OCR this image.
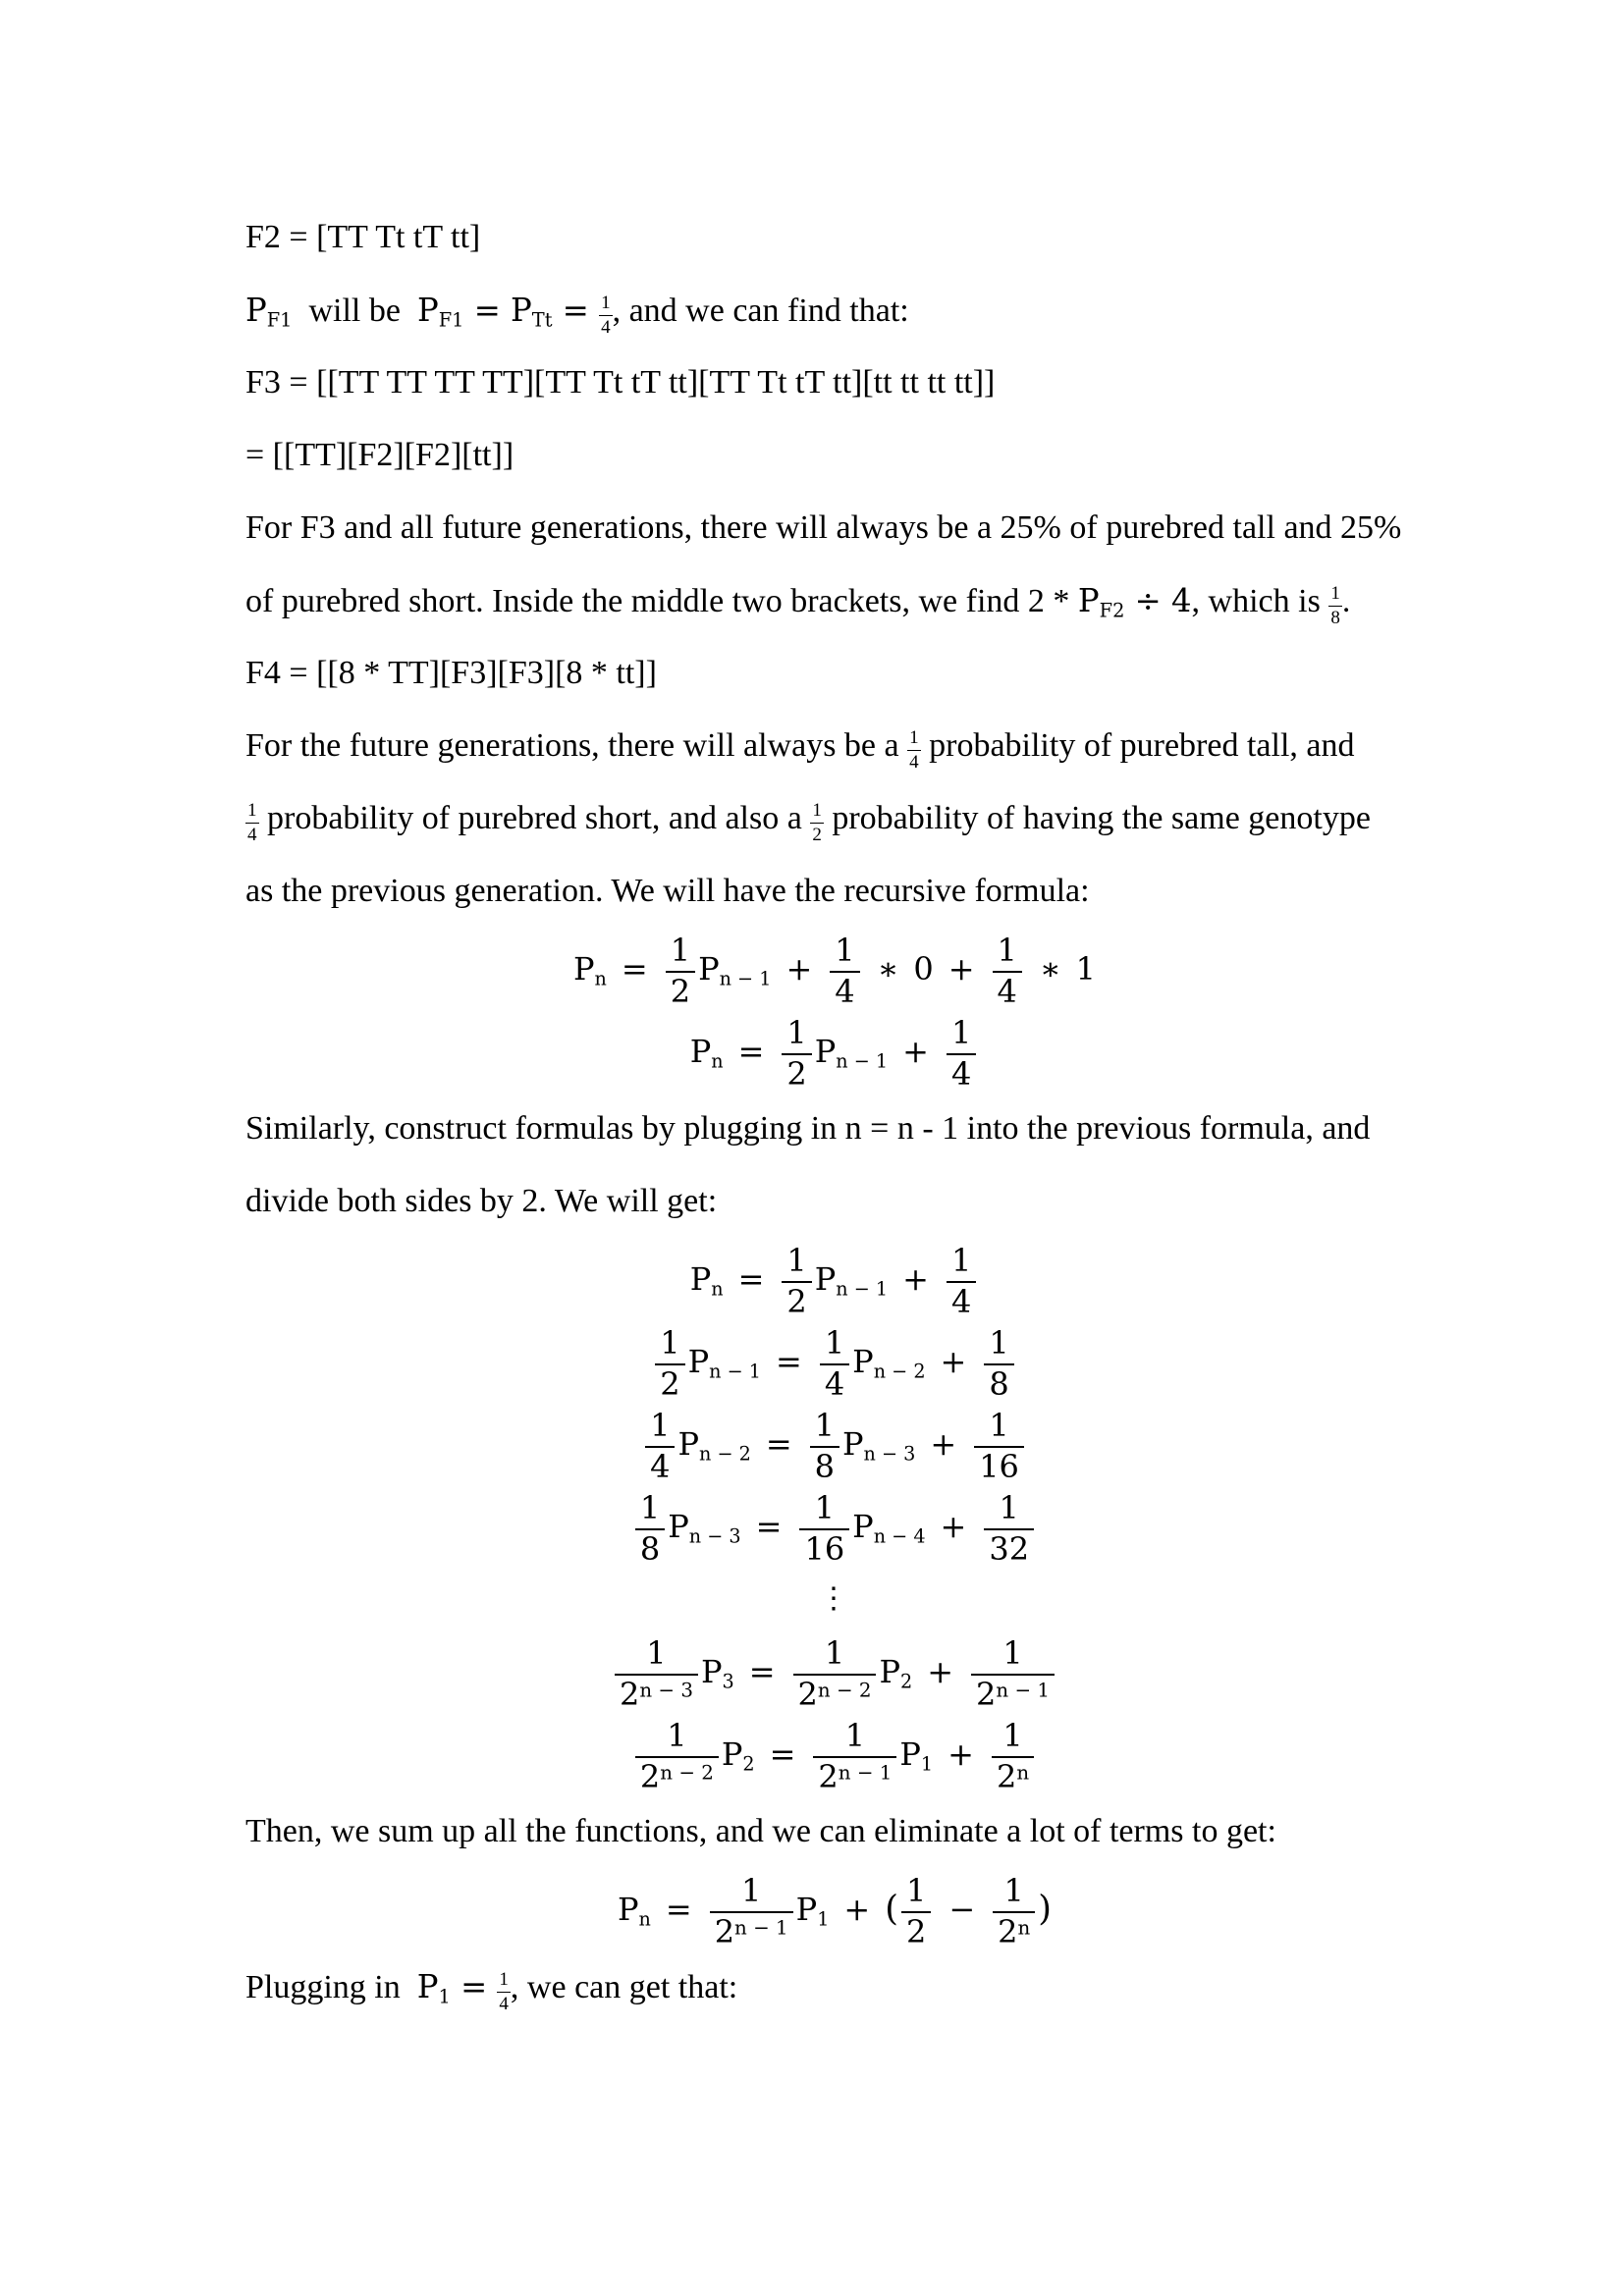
F2 = [TT Tt tT tt]
PF1  will be  PF1 = PTt = $\frac{1}{4}$ , and we can find that:
F3 = [[TT TT TT TT][TT Tt tT tt][TT Tt tT tt][tt tt tt tt]]
= [[TT][F2][F2][tt]]
For F3 and all future generations, there will always be a 25% of purebred tall and 25%
of purebred short. Inside the middle two brackets, we find 2 * PF2 ÷ 4, which is $\frac{1}{8}$ .
F4 = [[8 * TT][F3][F3][8 * tt]]
For the future generations, there will always be a $\frac{1}{4}$ probability of purebred tall, and
$\frac{1}{4}$ probability of purebred short, and also a $\frac{1}{2}$ probability of having the same genotype
as the previous generation. We will have the recursive formula:
$Pn = \frac{1}{2}$ $Pn - 1 + \frac{1}{4}$ ∗ $0 + \frac{1}{4}$ ∗ 1
$Pn = \frac{1}{2}$ $Pn - 1 + \frac{1}{4}$
Similarly, construct formulas by plugging in n = n - 1 into the previous formula, and
divide both sides by 2. We will get:
$Pn = \frac{1}{2}$ $Pn - 1 + \frac{1}{4}$
$\frac{1}{2}$ $Pn - 1 = \frac{1}{4}$ $Pn - 2 + \frac{1}{8}$
$\frac{1}{4}$ $Pn - 2 = \frac{1}{8}$ $Pn - 3 + \frac{1}{16}$
$\frac{1}{8}$ $Pn - 3 = \frac{1}{16}$ $Pn - 4 + \frac{1}{32}$
⋮
$\frac{1}{2^{n - 3}} P3 = \frac{1}{2^{n - 2}} P2 + \frac{1}{2^{n - 1}}$
$\frac{1}{2^{n - 2}} P2 = \frac{1}{2^{n - 1}} P1 + \frac{1}{2^n}$
Then, we sum up all the functions, and we can eliminate a lot of terms to get:
$Pn = \frac{1}{2^{n - 1}} P1$ + ( $\frac{1}{2} - \frac{1}{2^n}$ )
Plugging in  $P1 = \frac{1}{4}$ , we can get that:
